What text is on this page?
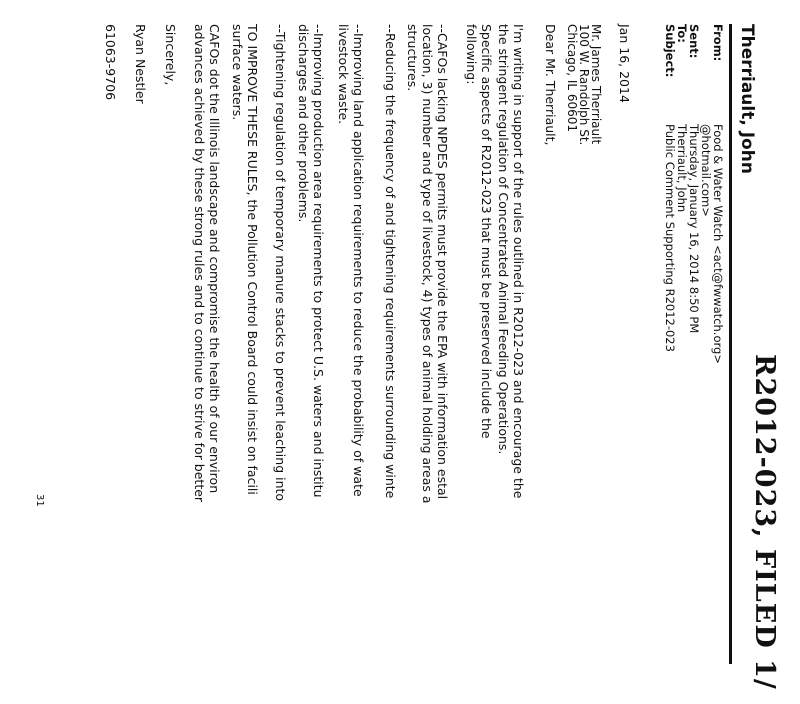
R2012-023, FILED 1/
Therriault, John
From:
Food & Water Watch <act@fwwatch.org>
@hotmail.com>
Sent:
Thursday, January 16, 2014 8:50 PM
To:
Therriault, John
Subject:
Public Comment Supporting R2012-023
Jan 16, 2014
Mr. James Therriault
100 W. Randolph St.
Chicago, IL 60601
Dear Mr. Therriault,
I'm writing in support of the rules outlined in R2012-023 and encourage the
the stringent regulation of Concentrated Animal Feeding Operations.
Specific aspects of R2012-023 that must be preserved include the
following:
--CAFOs lacking NPDES permits must provide the EPA with information estal
location, 3) number and type of livestock, 4) types of animal holding areas a
structures.
--Reducing the frequency of and tightening requirements surrounding winte
--Improving land application requirements to reduce the probability of wate
livestock waste.
--Improving production area requirements to protect U.S. waters and institu
discharges and other problems.
--Tightening regulation of temporary manure stacks to prevent leaching into
TO IMPROVE THESE RULES, the Pollution Control Board could insist on facili
surface waters.
CAFOs dot the Illinois landscape and compromise the health of our environ
advances achieved by these strong rules and to continue to strive for better
Sincerely,
Ryan Nestler
61063-9706
31
